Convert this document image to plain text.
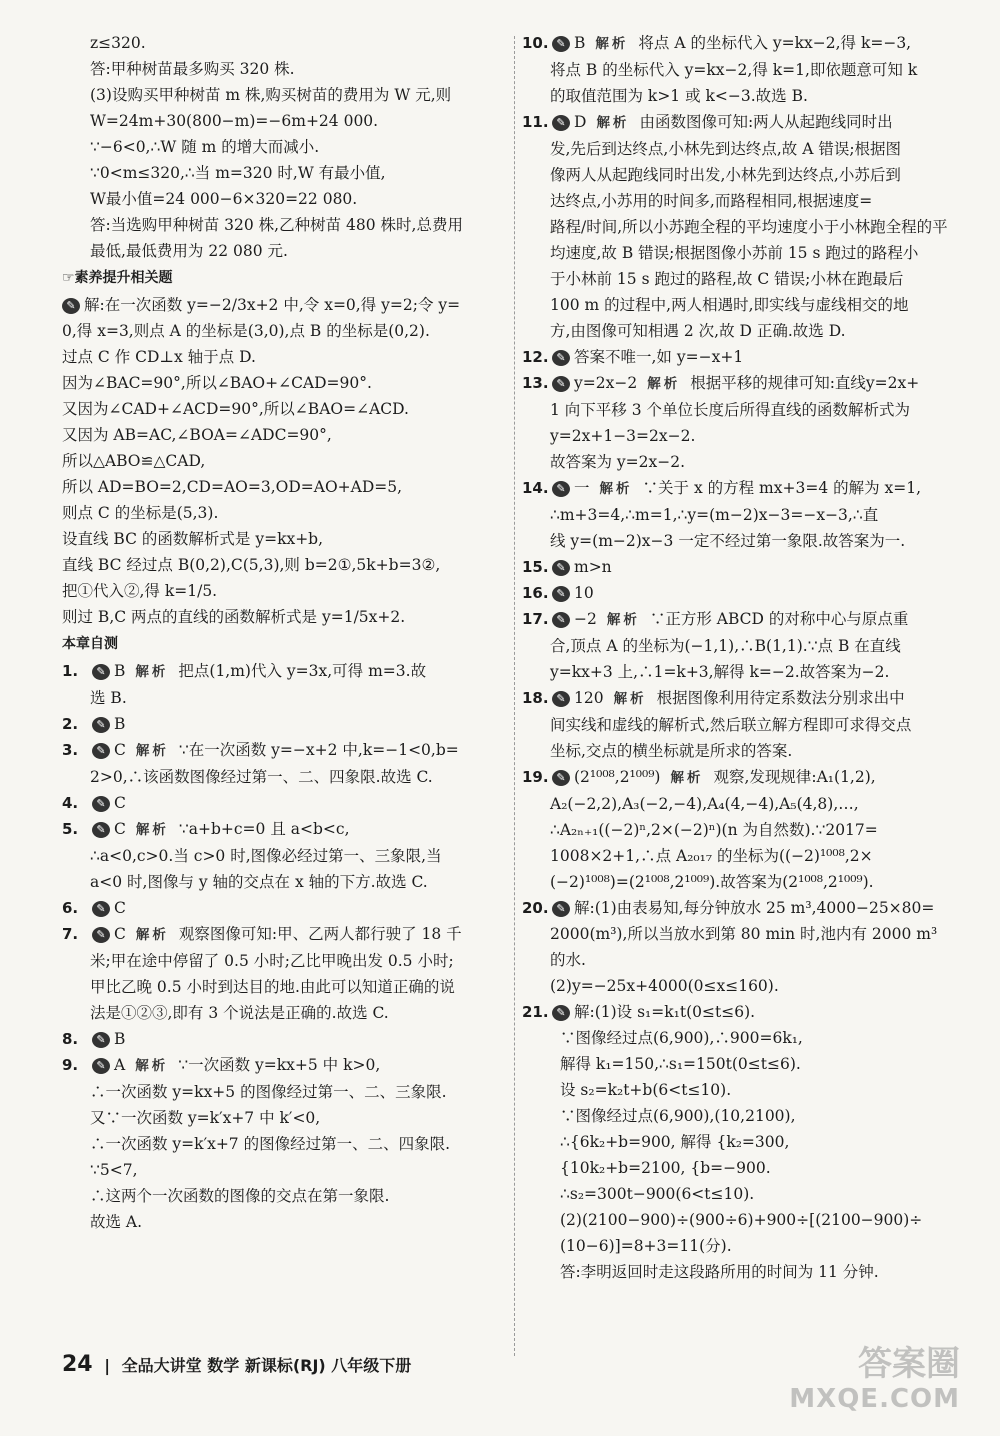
z≤320.
答:甲种树苗最多购买 320 株.
(3)设购买甲种树苗 m 株,购买树苗的费用为 W 元,则
W=24m+30(800−m)=−6m+24 000.
∵−6<0,∴W 随 m 的增大而减小.
∵0<m≤320,∴当 m=320 时,W 有最小值,
W最小值=24 000−6×320=22 080.
答:当选购甲种树苗 320 株,乙种树苗 480 株时,总费用
最低,最低费用为 22 080 元.
☞素养提升相关题
✎ 解:在一次函数 y=−2/3x+2 中,令 x=0,得 y=2;令 y=
0,得 x=3,则点 A 的坐标是(3,0),点 B 的坐标是(0,2).
过点 C 作 CD⊥x 轴于点 D.
因为∠BAC=90°,所以∠BAO+∠CAD=90°.
又因为∠CAD+∠ACD=90°,所以∠BAO=∠ACD.
又因为 AB=AC,∠BOA=∠ADC=90°,
所以△ABO≌△CAD,
所以 AD=BO=2,CD=AO=3,OD=AO+AD=5,
则点 C 的坐标是(5,3).
设直线 BC 的函数解析式是 y=kx+b,
直线 BC 经过点 B(0,2),C(5,3),则 b=2①,5k+b=3②,
把①代入②,得 k=1/5.
则过 B,C 两点的直线的函数解析式是 y=1/5x+2.
本章自测
1. ✎ B 解析 把点(1,m)代入 y=3x,可得 m=3.故
选 B.
2. ✎ B
3. ✎ C 解析 ∵在一次函数 y=−x+2 中,k=−1<0,b=
2>0,∴该函数图像经过第一、二、四象限.故选 C.
4. ✎ C
5. ✎ C 解析 ∵a+b+c=0 且 a<b<c,
∴a<0,c>0.当 c>0 时,图像必经过第一、三象限,当
a<0 时,图像与 y 轴的交点在 x 轴的下方.故选 C.
6. ✎ C
7. ✎ C 解析 观察图像可知:甲、乙两人都行驶了 18 千
米;甲在途中停留了 0.5 小时;乙比甲晚出发 0.5 小时;
甲比乙晚 0.5 小时到达目的地.由此可以知道正确的说
法是①②③,即有 3 个说法是正确的.故选 C.
8. ✎ B
9. ✎ A 解析 ∵一次函数 y=kx+5 中 k>0,
∴一次函数 y=kx+5 的图像经过第一、二、三象限.
又∵一次函数 y=k′x+7 中 k′<0,
∴一次函数 y=k′x+7 的图像经过第一、二、四象限.
∵5<7,
∴这两个一次函数的图像的交点在第一象限.
故选 A.
10. ✎ B 解析 将点 A 的坐标代入 y=kx−2,得 k=−3,
将点 B 的坐标代入 y=kx−2,得 k=1,即依题意可知 k
的取值范围为 k>1 或 k<−3.故选 B.
11. ✎ D 解析 由函数图像可知:两人从起跑线同时出
发,先后到达终点,小林先到达终点,故 A 错误;根据图
像两人从起跑线同时出发,小林先到达终点,小苏后到
达终点,小苏用的时间多,而路程相同,根据速度=
路程/时间,所以小苏跑全程的平均速度小于小林跑全程的平
均速度,故 B 错误;根据图像小苏前 15 s 跑过的路程小
于小林前 15 s 跑过的路程,故 C 错误;小林在跑最后
100 m 的过程中,两人相遇时,即实线与虚线相交的地
方,由图像可知相遇 2 次,故 D 正确.故选 D.
12. ✎ 答案不唯一,如 y=−x+1
13. ✎ y=2x−2 解析 根据平移的规律可知:直线y=2x+
1 向下平移 3 个单位长度后所得直线的函数解析式为
y=2x+1−3=2x−2.
故答案为 y=2x−2.
14. ✎ 一 解析 ∵关于 x 的方程 mx+3=4 的解为 x=1,
∴m+3=4,∴m=1,∴y=(m−2)x−3=−x−3,∴直
线 y=(m−2)x−3 一定不经过第一象限.故答案为一.
15. ✎ m>n
16. ✎ 10
17. ✎ −2 解析 ∵正方形 ABCD 的对称中心与原点重
合,顶点 A 的坐标为(−1,1),∴B(1,1).∵点 B 在直线
y=kx+3 上,∴1=k+3,解得 k=−2.故答案为−2.
18. ✎ 120 解析 根据图像利用待定系数法分别求出中
间实线和虚线的解析式,然后联立解方程即可求得交点
坐标,交点的横坐标就是所求的答案.
19. ✎ (2¹⁰⁰⁸,2¹⁰⁰⁹) 解析 观察,发现规律:A₁(1,2),
A₂(−2,2),A₃(−2,−4),A₄(4,−4),A₅(4,8),…,
∴A₂ₙ₊₁((−2)ⁿ,2×(−2)ⁿ)(n 为自然数).∵2017=
1008×2+1,∴点 A₂₀₁₇ 的坐标为((−2)¹⁰⁰⁸,2×
(−2)¹⁰⁰⁸)=(2¹⁰⁰⁸,2¹⁰⁰⁹).故答案为(2¹⁰⁰⁸,2¹⁰⁰⁹).
20. ✎ 解:(1)由表易知,每分钟放水 25 m³,4000−25×80=
2000(m³),所以当放水到第 80 min 时,池内有 2000 m³
的水.
(2)y=−25x+4000(0≤x≤160).
21. ✎ 解:(1)设 s₁=k₁t(0≤t≤6).
∵图像经过点(6,900),∴900=6k₁,
解得 k₁=150,∴s₁=150t(0≤t≤6).
设 s₂=k₂t+b(6<t≤10).
∵图像经过点(6,900),(10,2100),
∴{6k₂+b=900, 解得 {k₂=300,
{10k₂+b=2100, {b=−900.
∴s₂=300t−900(6<t≤10).
(2)(2100−900)÷(900÷6)+900÷[(2100−900)÷
(10−6)]=8+3=11(分).
答:李明返回时走这段路所用的时间为 11 分钟.
24 | 全品大讲堂 数学 新课标(RJ) 八年级下册	答案圈
MXQE.COM
